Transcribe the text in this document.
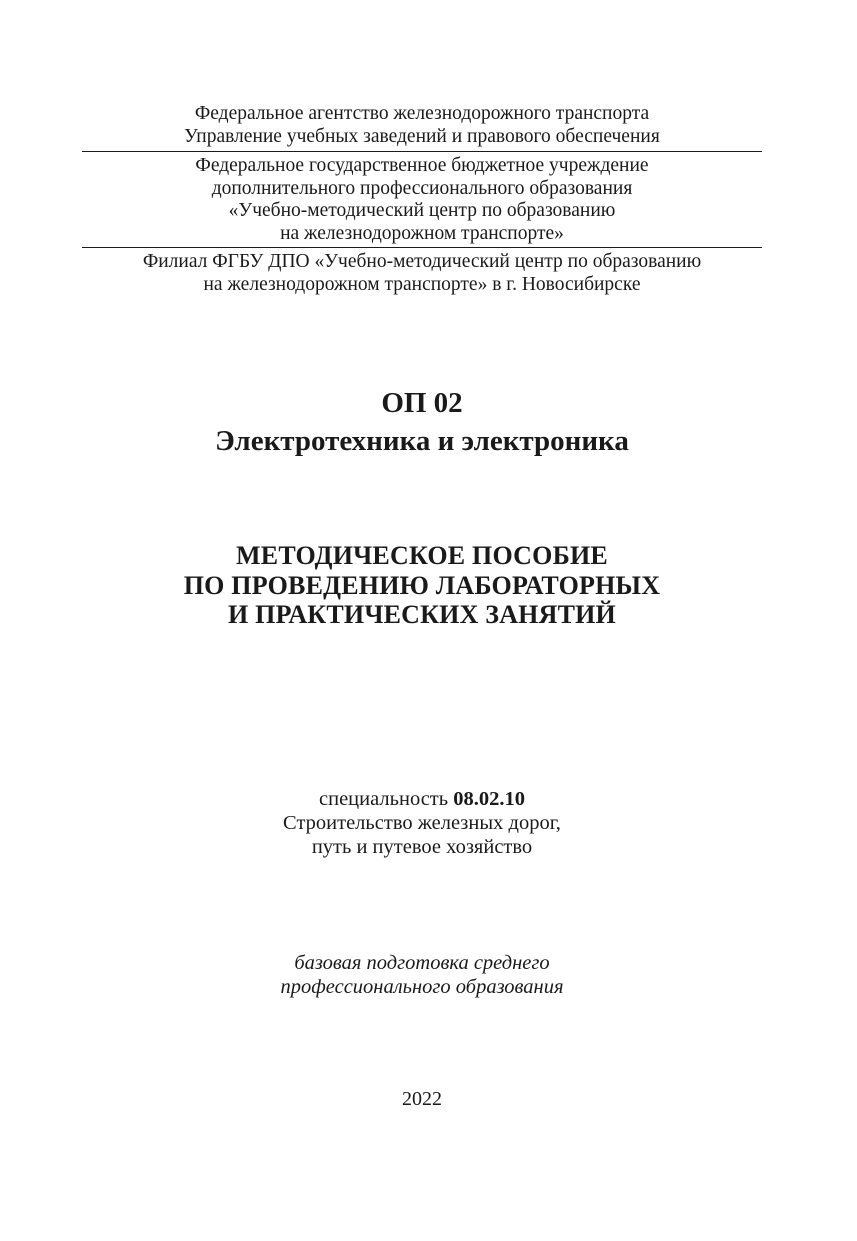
Федеральное агентство железнодорожного транспорта
Управление учебных заведений и правового обеспечения
Федеральное государственное бюджетное учреждение
дополнительного профессионального образования
«Учебно-методический центр по образованию
на железнодорожном транспорте»
Филиал ФГБУ ДПО «Учебно-методический центр по образованию
на железнодорожном транспорте» в г. Новосибирске
ОП 02
Электротехника и электроника
МЕТОДИЧЕСКОЕ ПОСОБИЕ
ПО ПРОВЕДЕНИЮ ЛАБОРАТОРНЫХ
И ПРАКТИЧЕСКИХ ЗАНЯТИЙ
специальность 08.02.10
Строительство железных дорог,
путь и путевое хозяйство
базовая подготовка среднего
профессионального образования
2022
